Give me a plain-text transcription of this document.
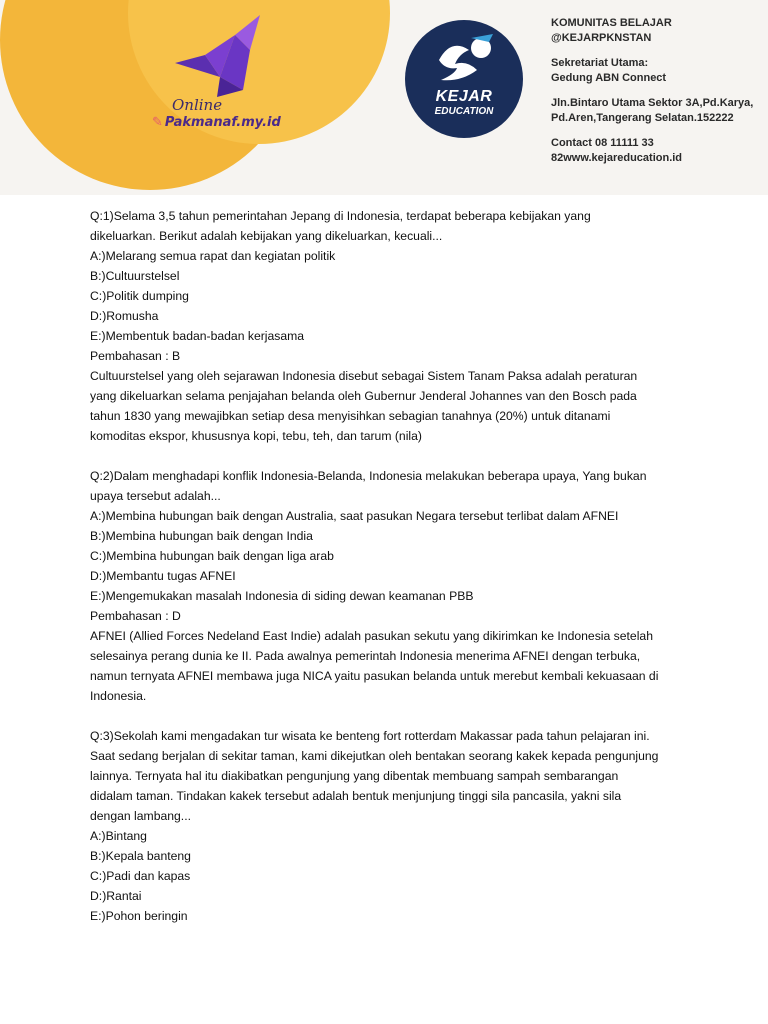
Online
✎ Pakmanaf.my.id
KEJAR
EDUCATION
KOMUNITAS BELAJAR
@KEJARPKNSTAN
Sekretariat Utama:
Gedung ABN Connect
Jln.Bintaro Utama Sektor 3A,Pd.Karya,
Pd.Aren,Tangerang Selatan.152222
Contact 08 11111 33
82www.kejareducation.id
Q:1)Selama 3,5 tahun pemerintahan Jepang di Indonesia, terdapat beberapa kebijakan yang
dikeluarkan. Berikut adalah kebijakan yang dikeluarkan, kecuali...
A:)Melarang semua rapat dan kegiatan politik
B:)Cultuurstelsel
C:)Politik dumping
D:)Romusha
E:)Membentuk badan-badan kerjasama
Pembahasan : B
Cultuurstelsel yang oleh sejarawan Indonesia disebut sebagai Sistem Tanam Paksa adalah peraturan
yang dikeluarkan selama penjajahan belanda oleh Gubernur Jenderal Johannes van den Bosch pada
tahun 1830 yang mewajibkan setiap desa menyisihkan sebagian tanahnya (20%) untuk ditanami
komoditas ekspor, khususnya kopi, tebu, teh, dan tarum (nila)
Q:2)Dalam menghadapi konflik Indonesia-Belanda, Indonesia melakukan beberapa upaya, Yang bukan
upaya tersebut adalah...
A:)Membina hubungan baik dengan Australia, saat pasukan Negara tersebut terlibat dalam AFNEI
B:)Membina hubungan baik dengan India
C:)Membina hubungan baik dengan liga arab
D:)Membantu tugas AFNEI
E:)Mengemukakan masalah Indonesia di siding dewan keamanan PBB
Pembahasan : D
AFNEI (Allied Forces Nedeland East Indie) adalah pasukan sekutu yang dikirimkan ke Indonesia setelah
selesainya perang dunia ke II. Pada awalnya pemerintah Indonesia menerima AFNEI dengan terbuka,
namun ternyata AFNEI membawa juga NICA yaitu pasukan belanda untuk merebut kembali kekuasaan di
Indonesia.
Q:3)Sekolah kami mengadakan tur wisata ke benteng fort rotterdam Makassar pada tahun pelajaran ini.
Saat sedang berjalan di sekitar taman, kami dikejutkan oleh bentakan seorang kakek kepada pengunjung
lainnya. Ternyata hal itu diakibatkan pengunjung yang dibentak membuang sampah sembarangan
didalam taman. Tindakan kakek tersebut adalah bentuk menjunjung tinggi sila pancasila, yakni sila
dengan lambang...
A:)Bintang
B:)Kepala banteng
C:)Padi dan kapas
D:)Rantai
E:)Pohon beringin
